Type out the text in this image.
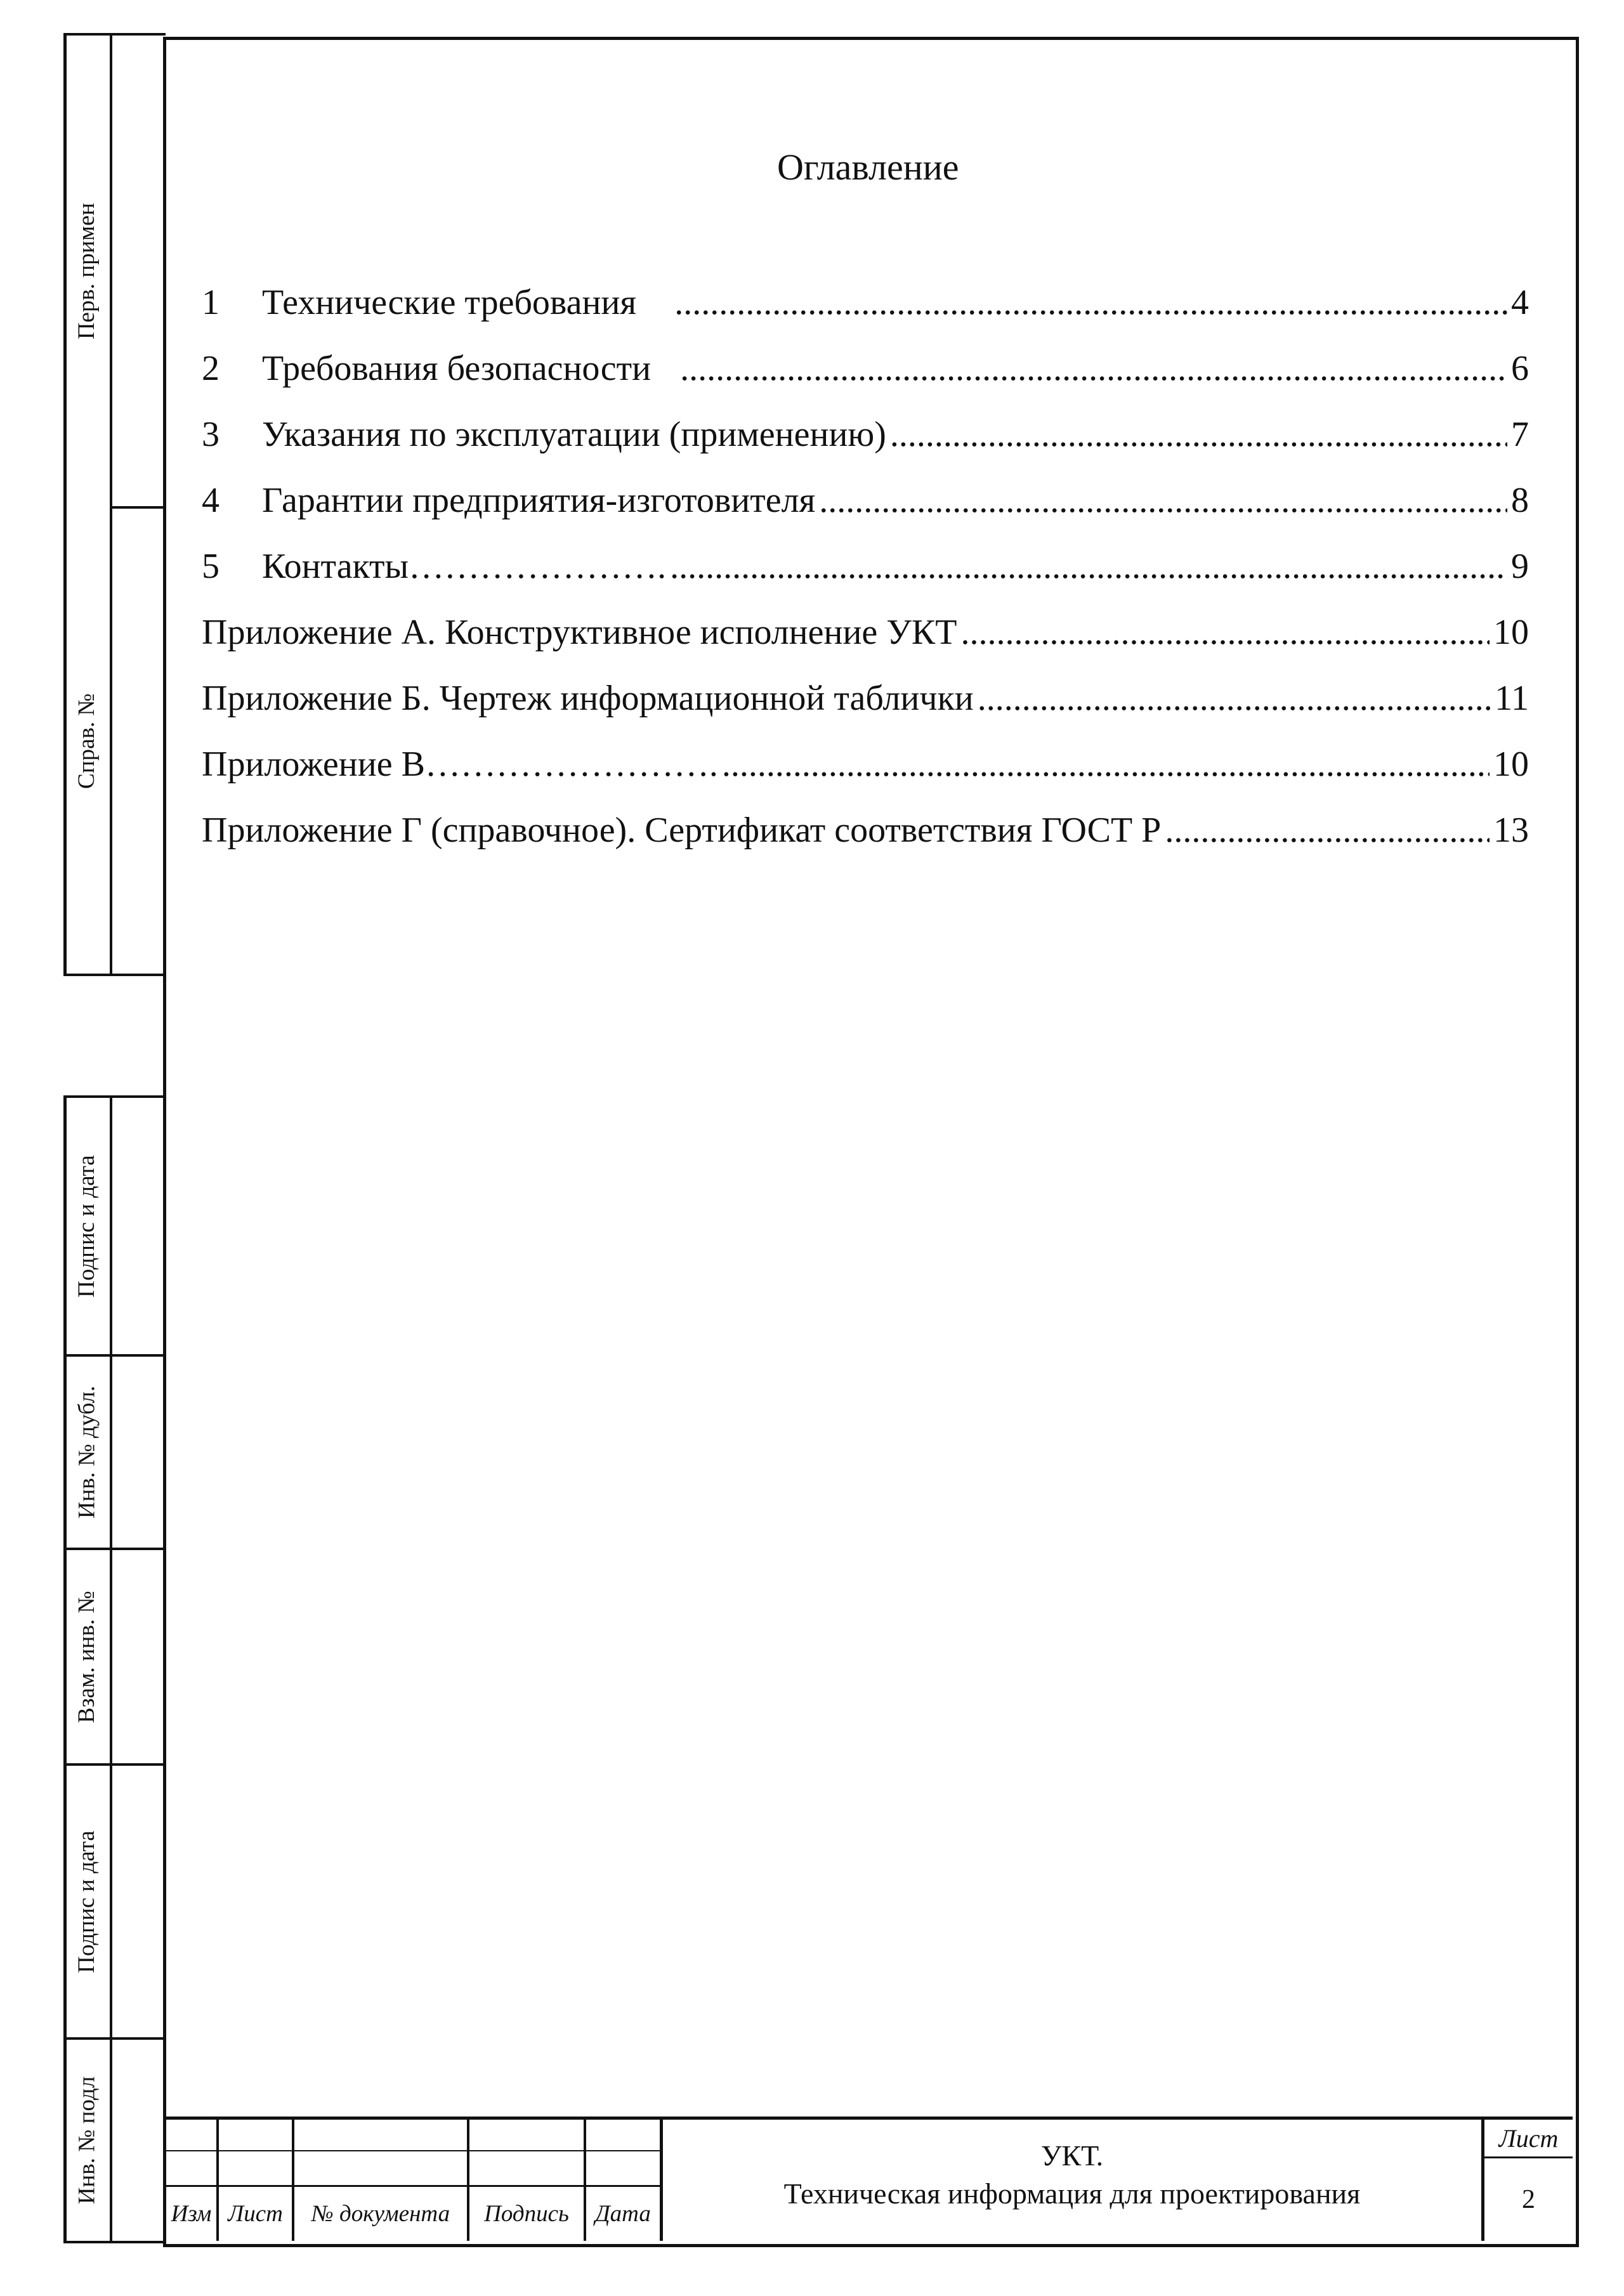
Перв. примен
Справ. №
Подпис и дата
Инв. № дубл.
Взам. инв. №
Подпис и дата
Инв. № подл
Оглавление
1	Технические требования .....	4
2	Требования безопасности .....	6
3	Указания по эксплуатации (применению) .....	7
4	Гарантии предприятия-изготовителя .....	8
5	Контакты…………………. .....	9
Приложение А. Конструктивное исполнение УКТ .....	10
Приложение Б. Чертеж информационной таблички .....	11
Приложение В……………………. .....	10
Приложение Г (справочное). Сертификат соответствия ГОСТ Р .....	13
Изм Лист	№ документа	Подпись	Дата
УКТ.
Техническая информация для проектирования
Лист
2
